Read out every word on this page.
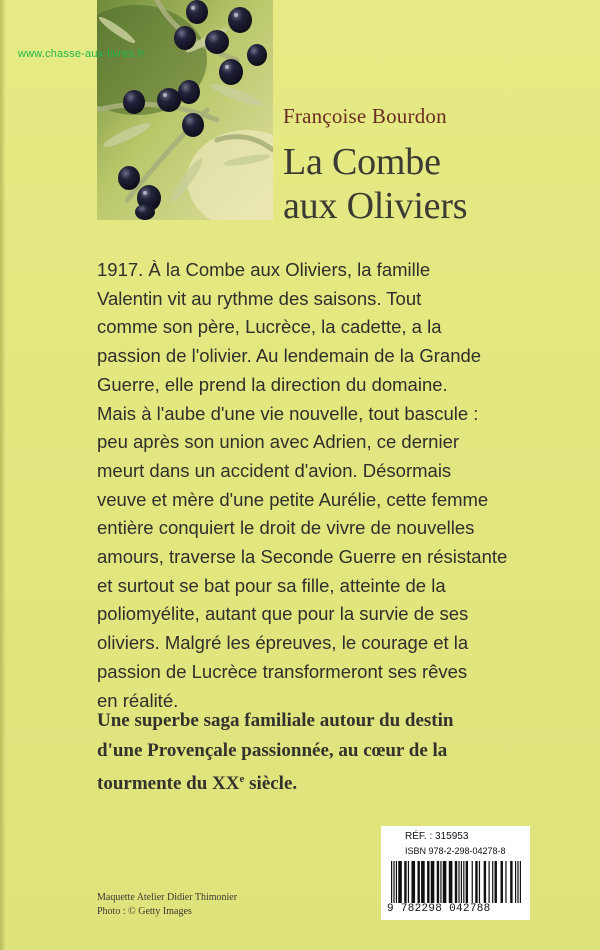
www.chasse-aux-livres.fr
Françoise Bourdon
La Combe
aux Oliviers
1917. À la Combe aux Oliviers, la famille
Valentin vit au rythme des saisons. Tout
comme son père, Lucrèce, la cadette, a la
passion de l'olivier. Au lendemain de la Grande
Guerre, elle prend la direction du domaine.
Mais à l'aube d'une vie nouvelle, tout bascule :
peu après son union avec Adrien, ce dernier
meurt dans un accident d'avion. Désormais
veuve et mère d'une petite Aurélie, cette femme
entière conquiert le droit de vivre de nouvelles
amours, traverse la Seconde Guerre en résistante
et surtout se bat pour sa fille, atteinte de la
poliomyélite, autant que pour la survie de ses
oliviers. Malgré les épreuves, le courage et la
passion de Lucrèce transformeront ses rêves
en réalité.
Une superbe saga familiale autour du destin
d'une Provençale passionnée, au cœur de la
tourmente du XXe siècle.
Maquette Atelier Didier Thimonier
Photo : © Getty Images
RÉF. : 315953
ISBN 978-2-298-04278-8
9 782298 042788
